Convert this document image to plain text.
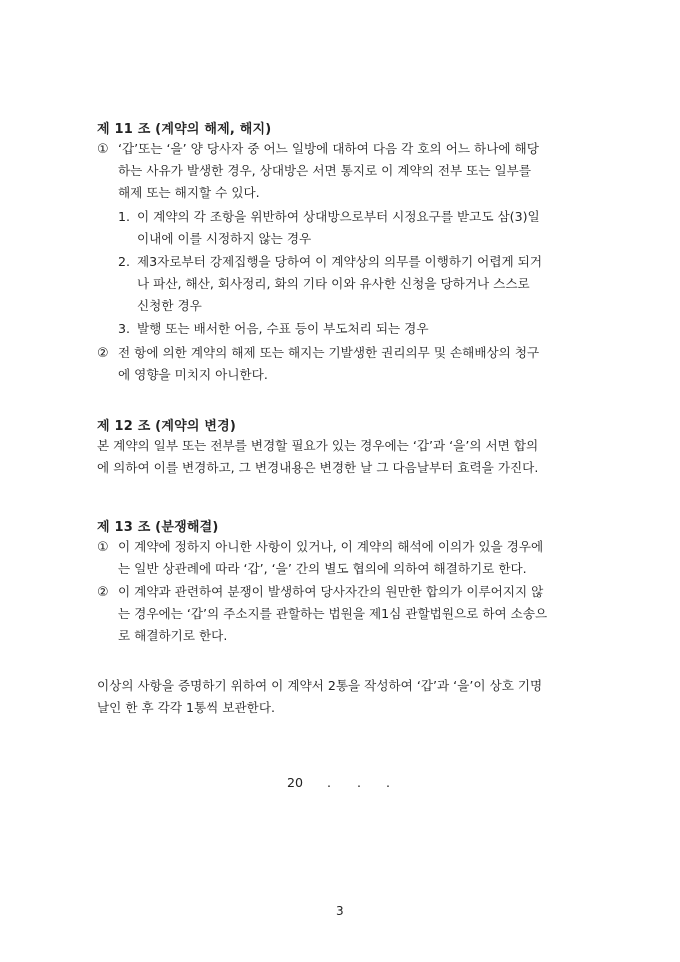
제 11 조 (계약의 해제, 해지)
① ‘갑’또는 ‘을’ 양 당사자 중 어느 일방에 대하여 다음 각 호의 어느 하나에 해당
하는 사유가 발생한 경우, 상대방은 서면 통지로 이 계약의 전부 또는 일부를
해제 또는 해지할 수 있다.
1. 이 계약의 각 조항을 위반하여 상대방으로부터 시정요구를 받고도 삼(3)일
이내에 이를 시정하지 않는 경우
2. 제3자로부터 강제집행을 당하여 이 계약상의 의무를 이행하기 어렵게 되거
나 파산, 해산, 회사정리, 화의 기타 이와 유사한 신청을 당하거나 스스로
신청한 경우
3. 발행 또는 배서한 어음, 수표 등이 부도처리 되는 경우
② 전 항에 의한 계약의 해제 또는 해지는 기발생한 권리의무 및 손해배상의 청구
에 영향을 미치지 아니한다.
제 12 조 (계약의 변경)
본 계약의 일부 또는 전부를 변경할 필요가 있는 경우에는 ‘갑’과 ‘을’의 서면 합의
에 의하여 이를 변경하고, 그 변경내용은 변경한 날 그 다음날부터 효력을 가진다.
제 13 조 (분쟁해결)
① 이 계약에 정하지 아니한 사항이 있거나, 이 계약의 해석에 이의가 있을 경우에
는 일반 상관례에 따라 ‘갑’, ‘을’ 간의 별도 협의에 의하여 해결하기로 한다.
② 이 계약과 관련하여 분쟁이 발생하여 당사자간의 원만한 합의가 이루어지지 않
는 경우에는 ‘갑’의 주소지를 관할하는 법원을 제1심 관할법원으로 하여 소송으
로 해결하기로 한다.
이상의 사항을 증명하기 위하여 이 계약서 2통을 작성하여 ‘갑’과 ‘을’이 상호 기명
날인 한 후 각각 1통씩 보관한다.
20 . . .
3
